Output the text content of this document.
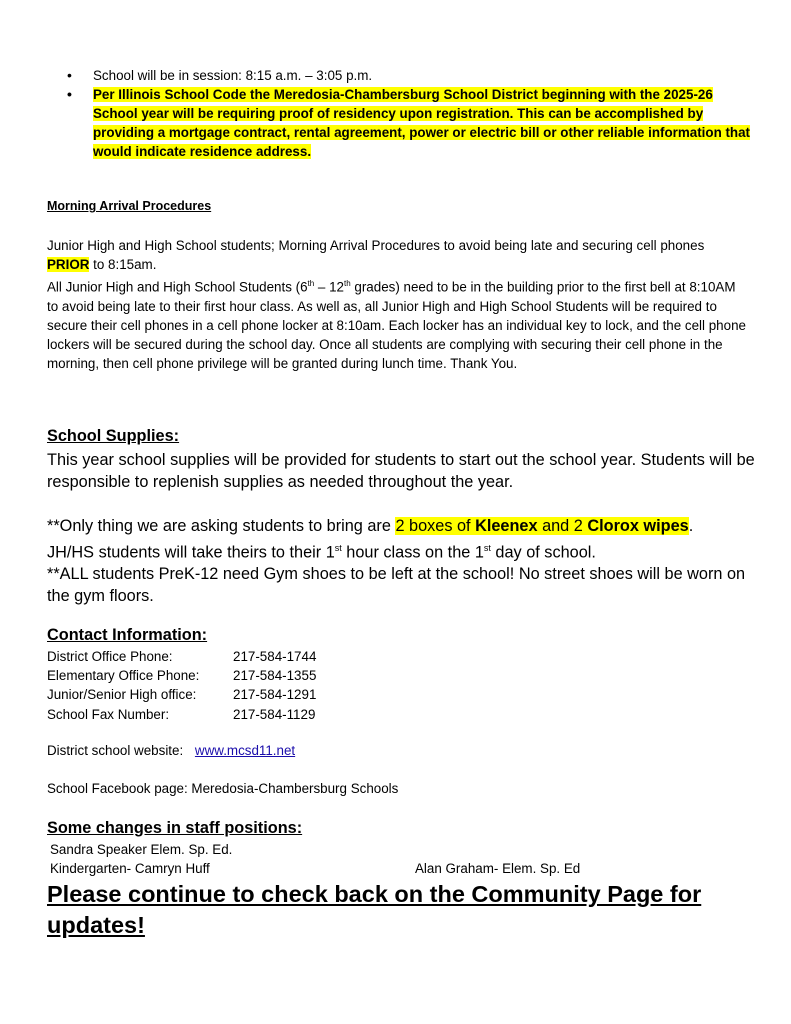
• School will be in session: 8:15 a.m. – 3:05 p.m.
• Per Illinois School Code the Meredosia-Chambersburg School District beginning with the 2025-26 School year will be requiring proof of residency upon registration. This can be accomplished by providing a mortgage contract, rental agreement, power or electric bill or other reliable information that would indicate residence address.
Morning Arrival Procedures
Junior High and High School students; Morning Arrival Procedures to avoid being late and securing cell phones PRIOR to 8:15am.
All Junior High and High School Students (6th – 12th grades) need to be in the building prior to the first bell at 8:10AM to avoid being late to their first hour class. As well as, all Junior High and High School Students will be required to secure their cell phones in a cell phone locker at 8:10am. Each locker has an individual key to lock, and the cell phone lockers will be secured during the school day. Once all students are complying with securing their cell phone in the morning, then cell phone privilege will be granted during lunch time. Thank You.
School Supplies:
This year school supplies will be provided for students to start out the school year. Students will be responsible to replenish supplies as needed throughout the year.
**Only thing we are asking students to bring are 2 boxes of Kleenex and 2 Clorox wipes.
JH/HS students will take theirs to their 1st hour class on the 1st day of school.
**ALL students PreK-12 need Gym shoes to be left at the school! No street shoes will be worn on the gym floors.
Contact Information:
District Office Phone:	217-584-1744
Elementary Office Phone:	217-584-1355
Junior/Senior High office:	217-584-1291
School Fax Number:	217-584-1129
District school website: www.mcsd11.net
School Facebook page: Meredosia-Chambersburg Schools
Some changes in staff positions:
Sandra Speaker Elem. Sp. Ed.
Kindergarten- Camryn Huff	Alan Graham- Elem. Sp. Ed
Please continue to check back on the Community Page for updates!
